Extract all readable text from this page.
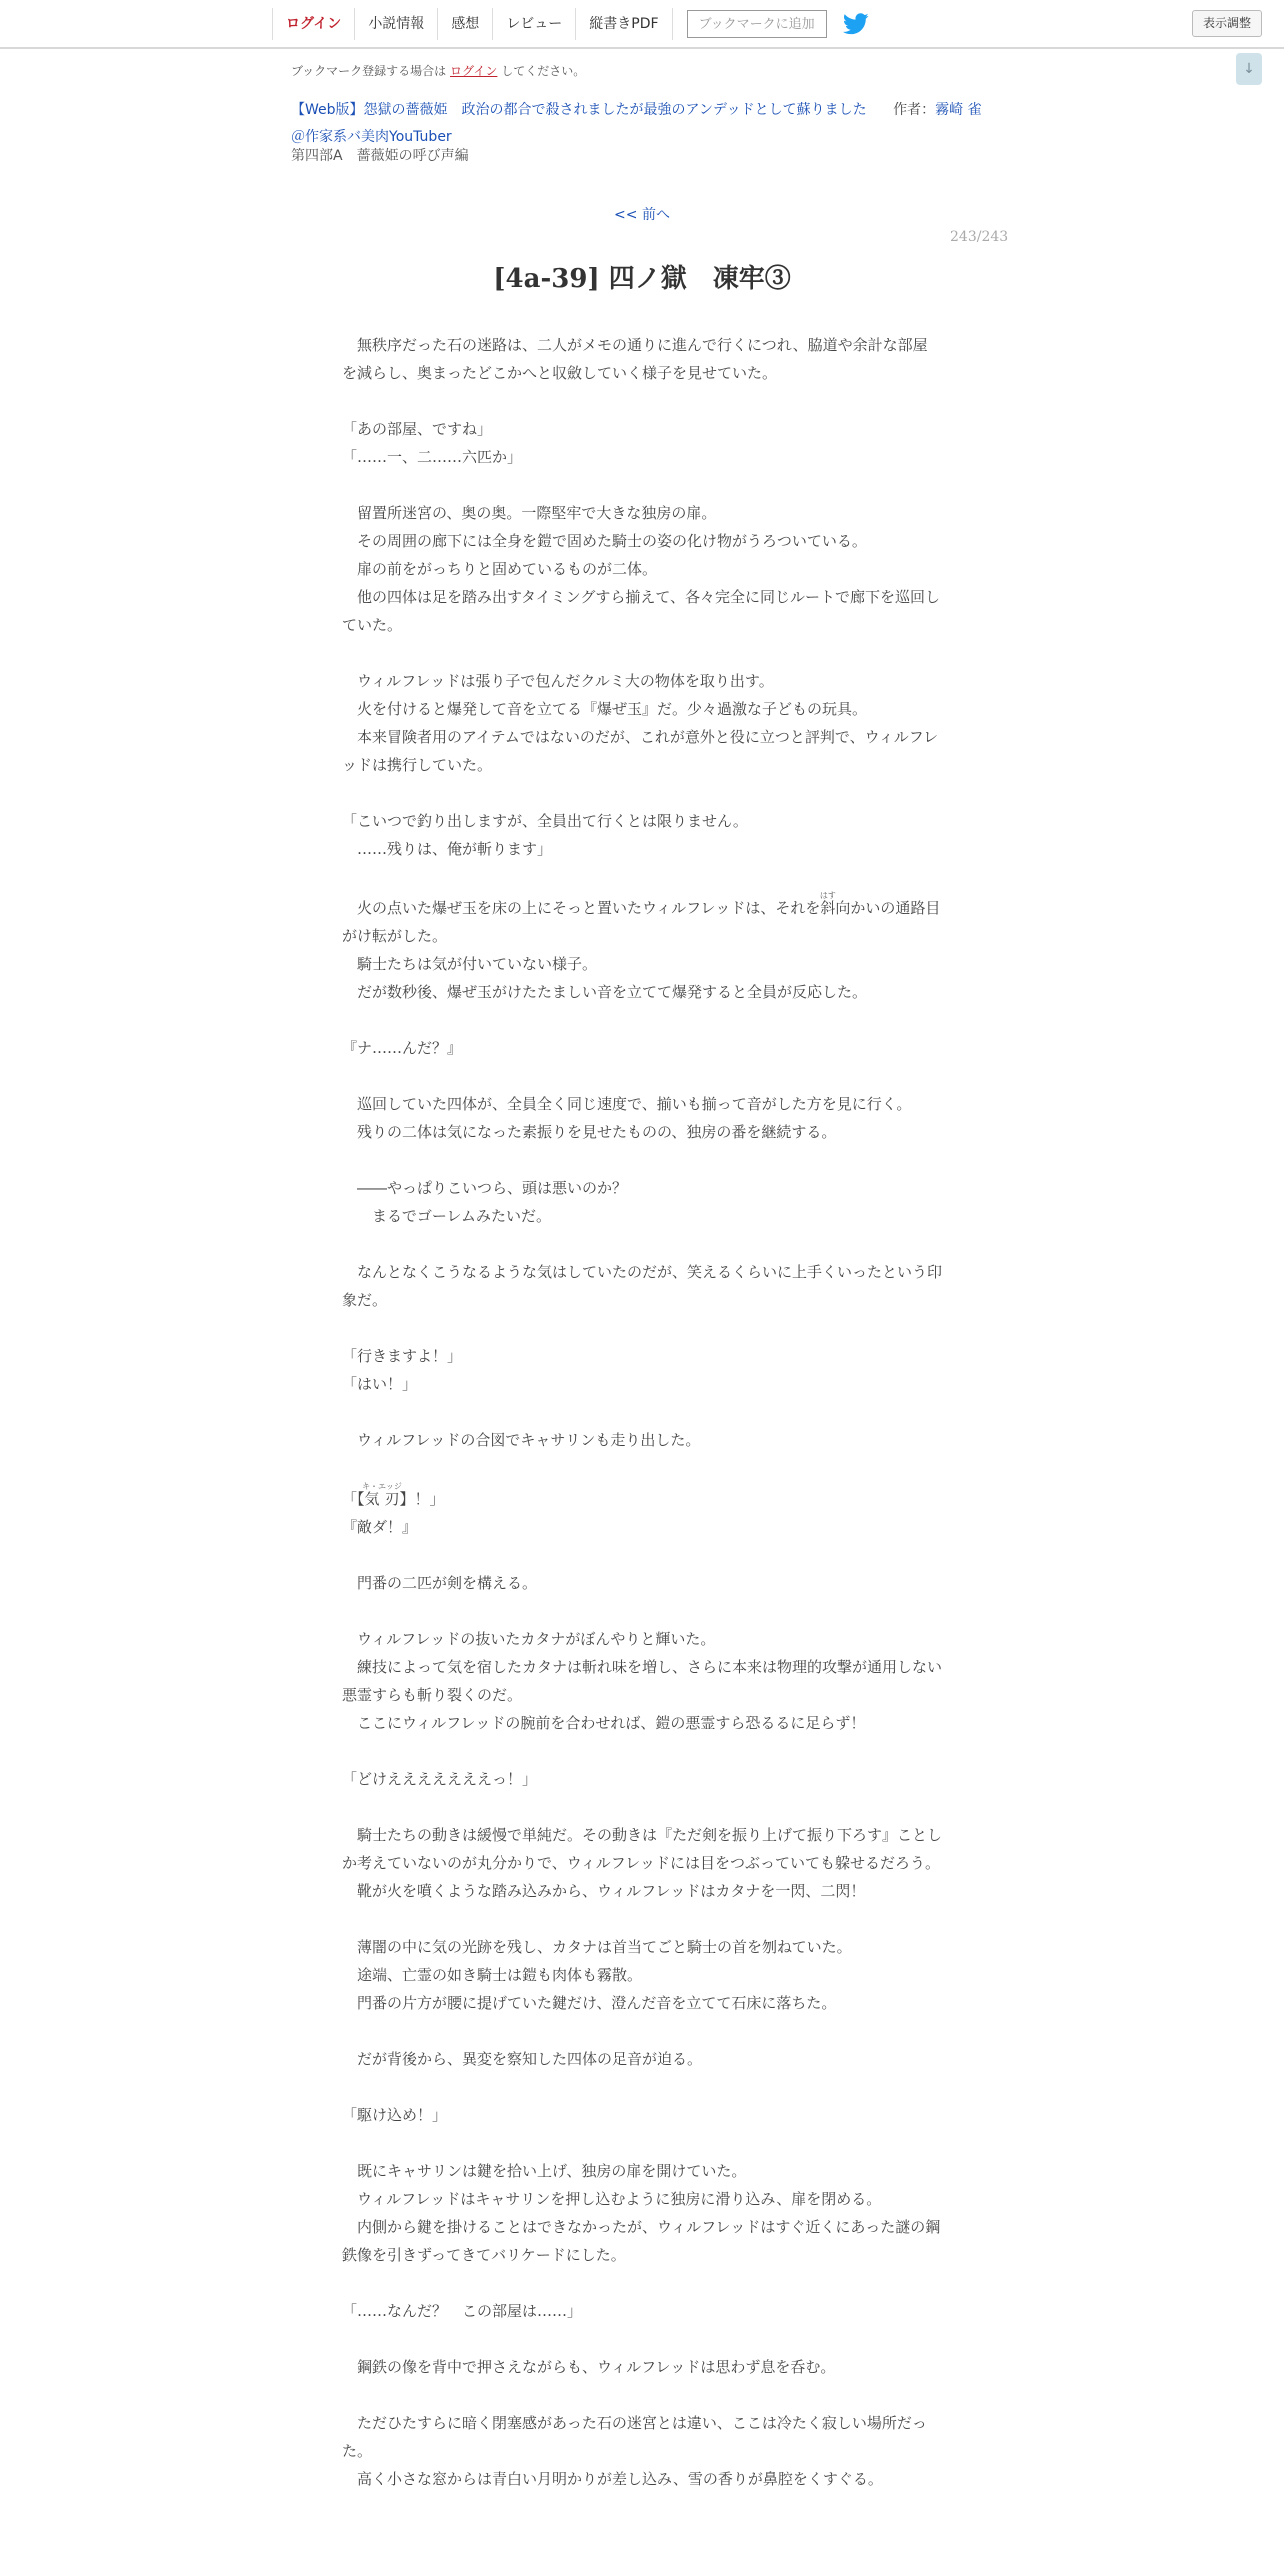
ログイン	小説情報	感想	レビュー	縦書きPDF	ブックマークに追加	表示調整
↓
ブックマーク登録する場合は ログイン してください。
【Web版】怨獄の薔薇姫　政治の都合で殺されましたが最強のアンデッドとして蘇りました 作者：霧崎 雀
＠作家系バ美肉YouTuber
第四部A　薔薇姫の呼び声編
<< 前へ
243/243
[4a-39] 四ノ獄　凍牢③

　無秩序だった石の迷路は、二人がメモの通りに進んで行くにつれ、脇道や余計な部屋を減らし、奥まったどこかへと収斂していく様子を見せていた。

「あの部屋、ですね」

「……一、二……六匹か」

　留置所迷宮の、奥の奥。一際堅牢で大きな独房の扉。

　その周囲の廊下には全身を鎧で固めた騎士の姿の化け物がうろついている。

　扉の前をがっちりと固めているものが二体。

　他の四体は足を踏み出すタイミングすら揃えて、各々完全に同じルートで廊下を巡回していた。

　ウィルフレッドは張り子で包んだクルミ大の物体を取り出す。

　火を付けると爆発して音を立てる『爆ぜ玉』だ。少々過激な子どもの玩具。

　本来冒険者用のアイテムではないのだが、これが意外と役に立つと評判で、ウィルフレッドは携行していた。

「こいつで釣り出しますが、全員出て行くとは限りません。

　……残りは、俺が斬ります」

　火の点いた爆ぜ玉を床の上にそっと置いたウィルフレッドは、それを斜はす向かいの通路目がけ転がした。

　騎士たちは気が付いていない様子。

　だが数秒後、爆ぜ玉がけたたましい音を立てて爆発すると全員が反応した。

『ナ……んだ？』

　巡回していた四体が、全員全く同じ速度で、揃いも揃って音がした方を見に行く。

　残りの二体は気になった素振りを見せたものの、独房の番を継続する。

　――やっぱりこいつら、頭は悪いのか？

　　まるでゴーレムみたいだ。

　なんとなくこうなるような気はしていたのだが、笑えるくらいに上手くいったという印象だ。

「行きますよ！」

「はい！」

　ウィルフレッドの合図でキャサリンも走り出した。

「【気刃キ・エッジ】！」

『敵ダ！』

　門番の二匹が剣を構える。

　ウィルフレッドの抜いたカタナがぼんやりと輝いた。

　練技によって気を宿したカタナは斬れ味を増し、さらに本来は物理的攻撃が通用しない悪霊すらも斬り裂くのだ。

　ここにウィルフレッドの腕前を合わせれば、鎧の悪霊すら恐るるに足らず！

「どけえええええええっ！」

　騎士たちの動きは緩慢で単純だ。その動きは『ただ剣を振り上げて振り下ろす』ことしか考えていないのが丸分かりで、ウィルフレッドには目をつぶっていても躱せるだろう。

　靴が火を噴くような踏み込みから、ウィルフレッドはカタナを一閃、二閃！

　薄闇の中に気の光跡を残し、カタナは首当てごと騎士の首を刎ねていた。

　途端、亡霊の如き騎士は鎧も肉体も霧散。

　門番の片方が腰に提げていた鍵だけ、澄んだ音を立てて石床に落ちた。

　だが背後から、異変を察知した四体の足音が迫る。

「駆け込め！」

　既にキャサリンは鍵を拾い上げ、独房の扉を開けていた。

　ウィルフレッドはキャサリンを押し込むように独房に滑り込み、扉を閉める。

　内側から鍵を掛けることはできなかったが、ウィルフレッドはすぐ近くにあった謎の鋼鉄像を引きずってきてバリケードにした。

「……なんだ？　この部屋は……」

　鋼鉄の像を背中で押さえながらも、ウィルフレッドは思わず息を呑む。

　ただひたすらに暗く閉塞感があった石の迷宮とは違い、ここは冷たく寂しい場所だった。

　高く小さな窓からは青白い月明かりが差し込み、雪の香りが鼻腔をくすぐる。
